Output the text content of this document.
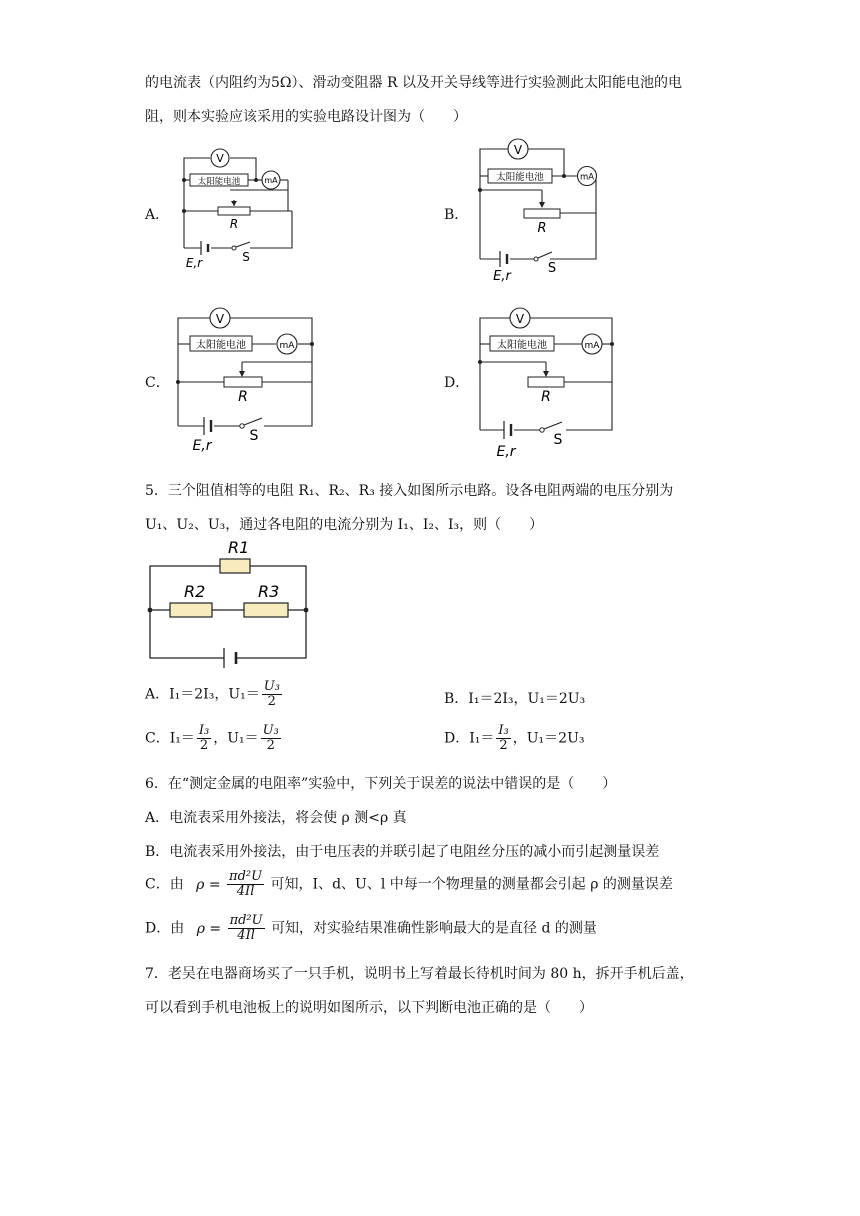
的电流表（内阻约为5Ω）、滑动变阻器 R 以及开关导线等进行实验测此太阳能电池的电
阻，则本实验应该采用的实验电路设计图为（　　）
A．	B．
C．	D．
V
太阳能电池	mA
R
E,r	S
V
太阳能电池	mA
R
E,r
S
V
太阳能电池	mA
R
E,r
S
V
太阳能电池	mA
R
E,r
S
5．三个阻值相等的电阻 R₁、R₂、R₃ 接入如图所示电路。设各电阻两端的电压分别为
U₁、U₂、U₃，通过各电阻的电流分别为 I₁、I₂、I₃，则（　　）
R1
R2	R3
A．I₁＝2I₃，$U_1= \frac{\text{U₃}}{2}$	B．I₁＝2I₃，U₁＝2U₃
C．$I_1= \frac{\text{I₃}}{2}$ ，$U_1= \frac{\text{U₃}}{2}$	D．$I_1= \frac{\text{I₃}}{2}$ ，U₁＝2U₃
6．在“测定金属的电阻率”实验中，下列关于误差的说法中错误的是（　　）
A．电流表采用外接法，将会使 ρ 测<ρ 真
B．电流表采用外接法，由于电压表的并联引起了电阻丝分压的减小而引起测量误差
C．由 $\rho = \frac{\text{πd²U}}{4Il}$ 可知，I、d、U、l 中每一个物理量的测量都会引起 ρ 的测量误差
D．由 $\rho = \frac{\text{πd²U}}{4Il}$ 可知，对实验结果准确性影响最大的是直径 d 的测量
7．老吴在电器商场买了一只手机，说明书上写着最长待机时间为 80 h，拆开手机后盖，
可以看到手机电池板上的说明如图所示，以下判断电池正确的是（　　）
